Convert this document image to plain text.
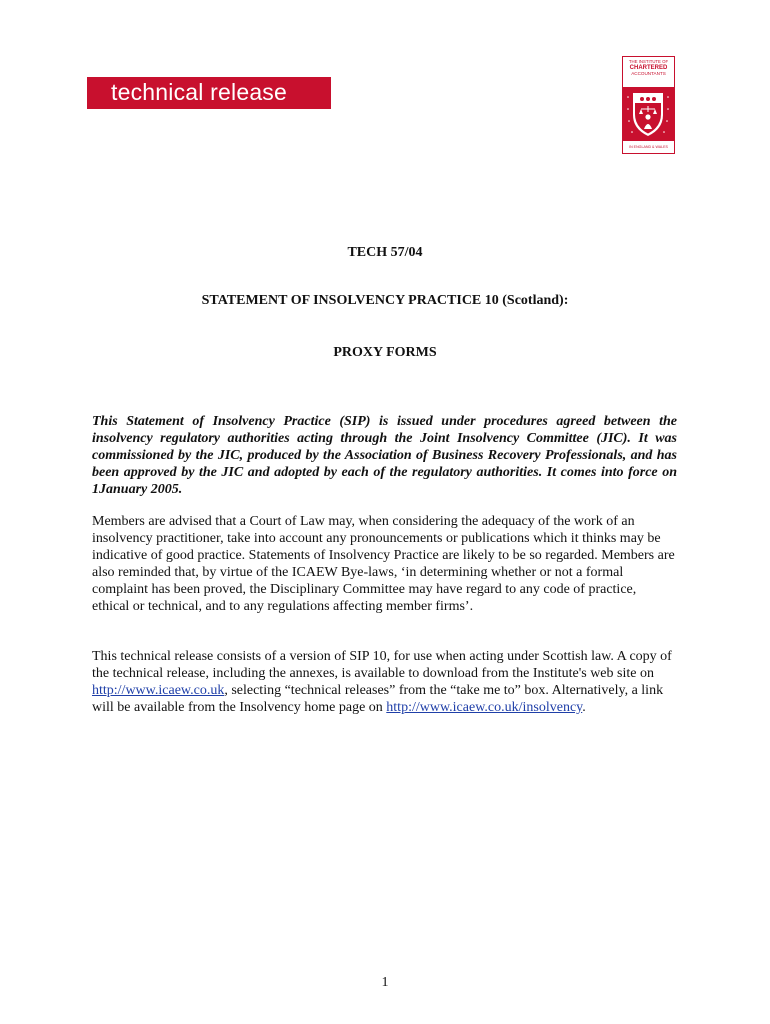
technical release
THE INSTITUTE OF
CHARTERED
ACCOUNTANTS
IN ENGLAND & WALES
TECH 57/04
STATEMENT OF INSOLVENCY PRACTICE 10 (Scotland):
PROXY FORMS

This Statement of Insolvency Practice (SIP) is issued under procedures agreed between the insolvency regulatory authorities acting through the Joint Insolvency Committee (JIC). It was commissioned by the JIC, produced by the Association of Business Recovery Professionals, and has been approved by the JIC and adopted by each of the regulatory authorities. It comes into force on 1January 2005.

Members are advised that a Court of Law may, when considering the adequacy of the work of an insolvency practitioner, take into account any pronouncements or publications which it thinks may be indicative of good practice. Statements of Insolvency Practice are likely to be so regarded. Members are also reminded that, by virtue of the ICAEW Bye-laws, ‘in determining whether or not a formal complaint has been proved, the Disciplinary Committee may have regard to any code of practice, ethical or technical, and to any regulations affecting member firms’.

This technical release consists of a version of SIP 10, for use when acting under Scottish law. A copy of the technical release, including the annexes, is available to download from the Institute's web site on http://www.icaew.co.uk, selecting “technical releases” from the “take me to” box. Alternatively, a link will be available from the Insolvency home page on http://www.icaew.co.uk/insolvency.

1
